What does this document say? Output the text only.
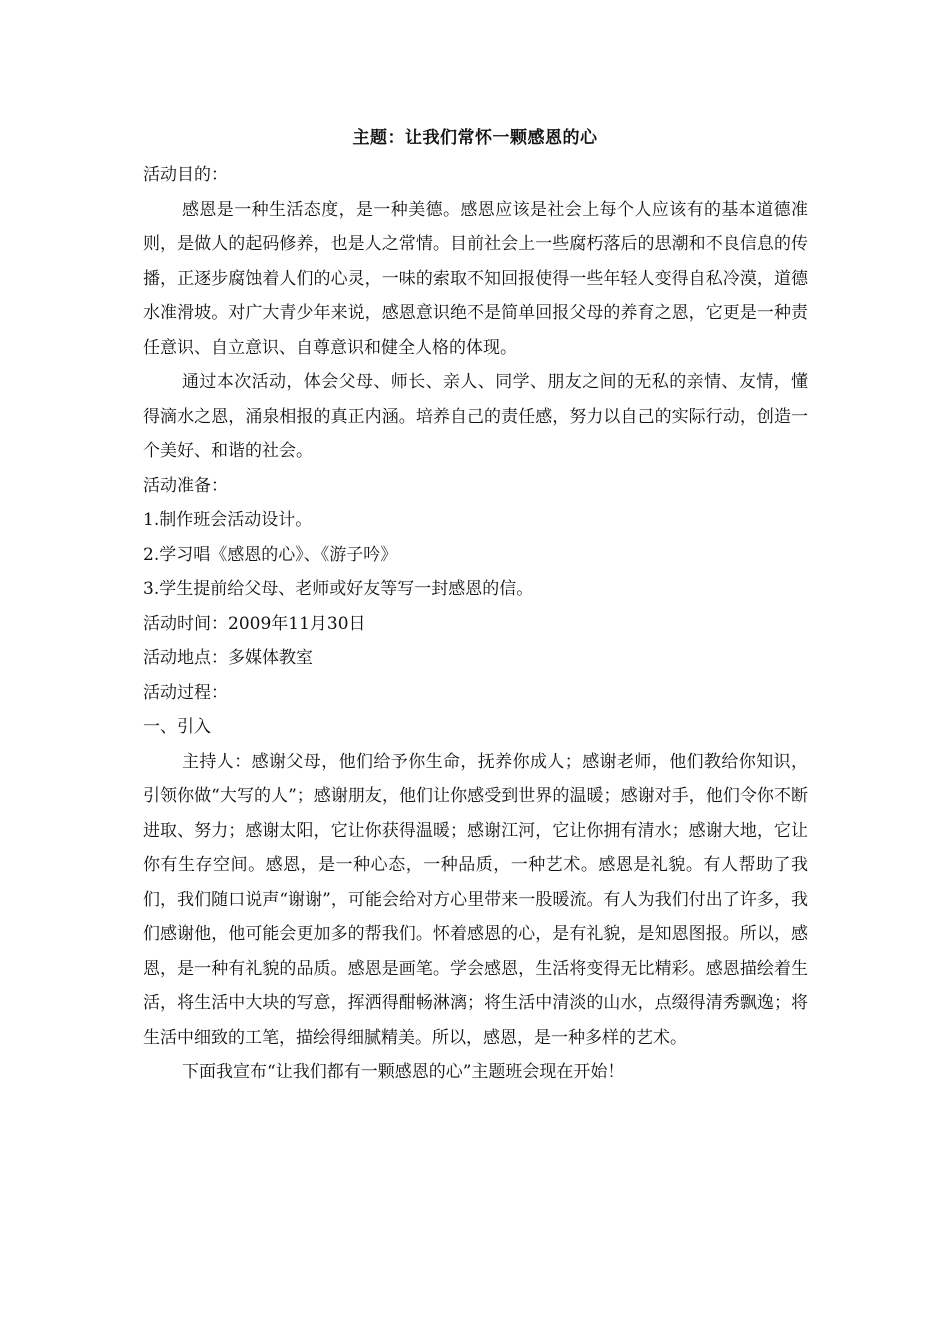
主题：让我们常怀一颗感恩的心

活动目的：

感恩是一种生活态度，是一种美德。感恩应该是社会上每个人应该有的基本道德准则，是做人的起码修养，也是人之常情。目前社会上一些腐朽落后的思潮和不良信息的传播，正逐步腐蚀着人们的心灵，一味的索取不知回报使得一些年轻人变得自私冷漠，道德水准滑坡。对广大青少年来说，感恩意识绝不是简单回报父母的养育之恩，它更是一种责任意识、自立意识、自尊意识和健全人格的体现。

通过本次活动，体会父母、师长、亲人、同学、朋友之间的无私的亲情、友情，懂得滴水之恩，涌泉相报的真正内涵。培养自己的责任感，努力以自己的实际行动，创造一个美好、和谐的社会。

活动准备：

1.制作班会活动设计。

2.学习唱《感恩的心》、《游子吟》

3.学生提前给父母、老师或好友等写一封感恩的信。

活动时间：2009年11月30日

活动地点：多媒体教室

活动过程：

一、引入

主持人：感谢父母，他们给予你生命，抚养你成人；感谢老师，他们教给你知识，引领你做“大写的人”；感谢朋友，他们让你感受到世界的温暖；感谢对手，他们令你不断进取、努力；感谢太阳，它让你获得温暖；感谢江河，它让你拥有清水；感谢大地，它让你有生存空间。感恩，是一种心态，一种品质，一种艺术。感恩是礼貌。有人帮助了我们，我们随口说声“谢谢”，可能会给对方心里带来一股暖流。有人为我们付出了许多，我们感谢他，他可能会更加多的帮我们。怀着感恩的心，是有礼貌，是知恩图报。所以，感恩，是一种有礼貌的品质。感恩是画笔。学会感恩，生活将变得无比精彩。感恩描绘着生活，将生活中大块的写意，挥洒得酣畅淋漓；将生活中清淡的山水，点缀得清秀飘逸；将生活中细致的工笔，描绘得细腻精美。所以，感恩，是一种多样的艺术。

下面我宣布“让我们都有一颗感恩的心”主题班会现在开始！
